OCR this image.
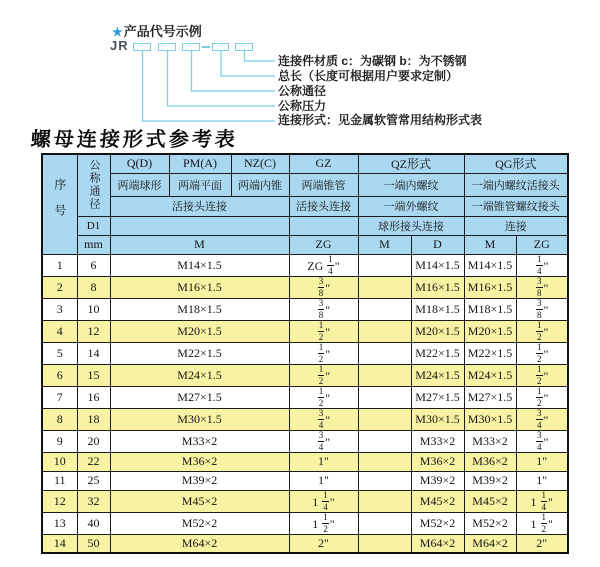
★产品代号示例
JR
连接件材质 c：为碳钢 b：为不锈钢
总长（长度可根据用户要求定制）
公称通径
公称压力
连接形式：见金属软管常用结构形式表
螺母连接形式参考表
序号	公称通径	Q(D)	PM(A)	NZ(C)	GZ	QZ形式		QG形式	
		两端球形	两端平面	两端内锥	两端锥管	一端内螺纹		一端内螺纹活接头	
		活接头连接			活接头连接	一端外螺纹		一端锥管螺纹接头	
	D1					球形接头连接		连接	
	mm	M			ZG	M	D	M	ZG
1	6	M14×1.5			ZG $\frac{1}{4}$ "		M14×1.5	M14×1.5	$\frac{1}{4}$ "
2	8	M16×1.5			$\frac{3}{8}$ "		M16×1.5	M16×1.5	$\frac{3}{8}$ "
3	10	M18×1.5			$\frac{3}{8}$ "		M18×1.5	M18×1.5	$\frac{3}{8}$ "
4	12	M20×1.5			$\frac{1}{2}$ "		M20×1.5	M20×1.5	$\frac{1}{2}$ "
5	14	M22×1.5			$\frac{1}{2}$ "		M22×1.5	M22×1.5	$\frac{1}{2}$ "
6	15	M24×1.5			$\frac{1}{2}$ "		M24×1.5	M24×1.5	$\frac{1}{2}$ "
7	16	M27×1.5			$\frac{1}{2}$ "		M27×1.5	M27×1.5	$\frac{1}{2}$ "
8	18	M30×1.5			$\frac{3}{4}$ "		M30×1.5	M30×1.5	$\frac{3}{4}$ "
9	20	M33×2			$\frac{3}{4}$ "		M33×2	M33×2	$\frac{3}{4}$ "
10	22	M36×2			1"		M36×2	M36×2	1"
11	25	M39×2			1"		M39×2	M39×2	1"
12	32	M45×2			$1 \frac{1}{4}$ "		M45×2	M45×2	$1 \frac{1}{4}$ "
13	40	M52×2			$1 \frac{1}{2}$ "		M52×2	M52×2	$1 \frac{1}{2}$ "
14	50	M64×2			2"		M64×2	M64×2	2"
